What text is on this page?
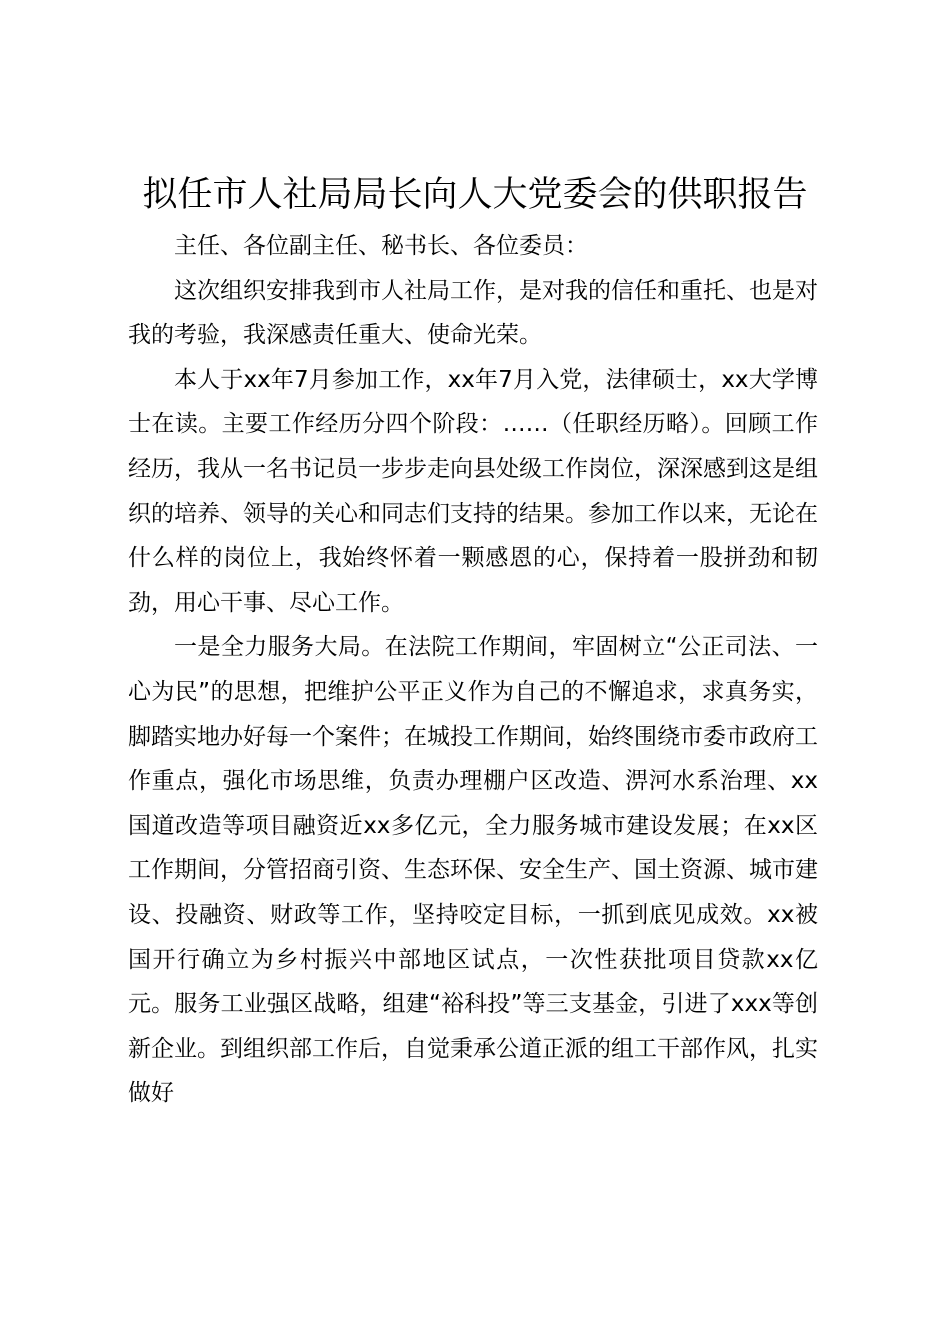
拟任市人社局局长向人大党委会的供职报告

主任、各位副主任、秘书长、各位委员：

这次组织安排我到市人社局工作，是对我的信任和重托、也是对我的考验，我深感责任重大、使命光荣。

本人于xx年7月参加工作，xx年7月入党，法律硕士，xx大学博士在读。主要工作经历分四个阶段：……（任职经历略）。回顾工作经历，我从一名书记员一步步走向县处级工作岗位，深深感到这是组织的培养、领导的关心和同志们支持的结果。参加工作以来，无论在什么样的岗位上，我始终怀着一颗感恩的心，保持着一股拼劲和韧劲，用心干事、尽心工作。

一是全力服务大局。在法院工作期间，牢固树立“公正司法、一心为民”的思想，把维护公平正义作为自己的不懈追求，求真务实，脚踏实地办好每一个案件；在城投工作期间，始终围绕市委市政府工作重点，强化市场思维，负责办理棚户区改造、淠河水系治理、xx国道改造等项目融资近xx多亿元，全力服务城市建设发展；在xx区工作期间，分管招商引资、生态环保、安全生产、国土资源、城市建设、投融资、财政等工作，坚持咬定目标，一抓到底见成效。xx被国开行确立为乡村振兴中部地区试点，一次性获批项目贷款xx亿元。服务工业强区战略，组建“裕科投”等三支基金，引进了xxx等创新企业。到组织部工作后，自觉秉承公道正派的组工干部作风，扎实做好
